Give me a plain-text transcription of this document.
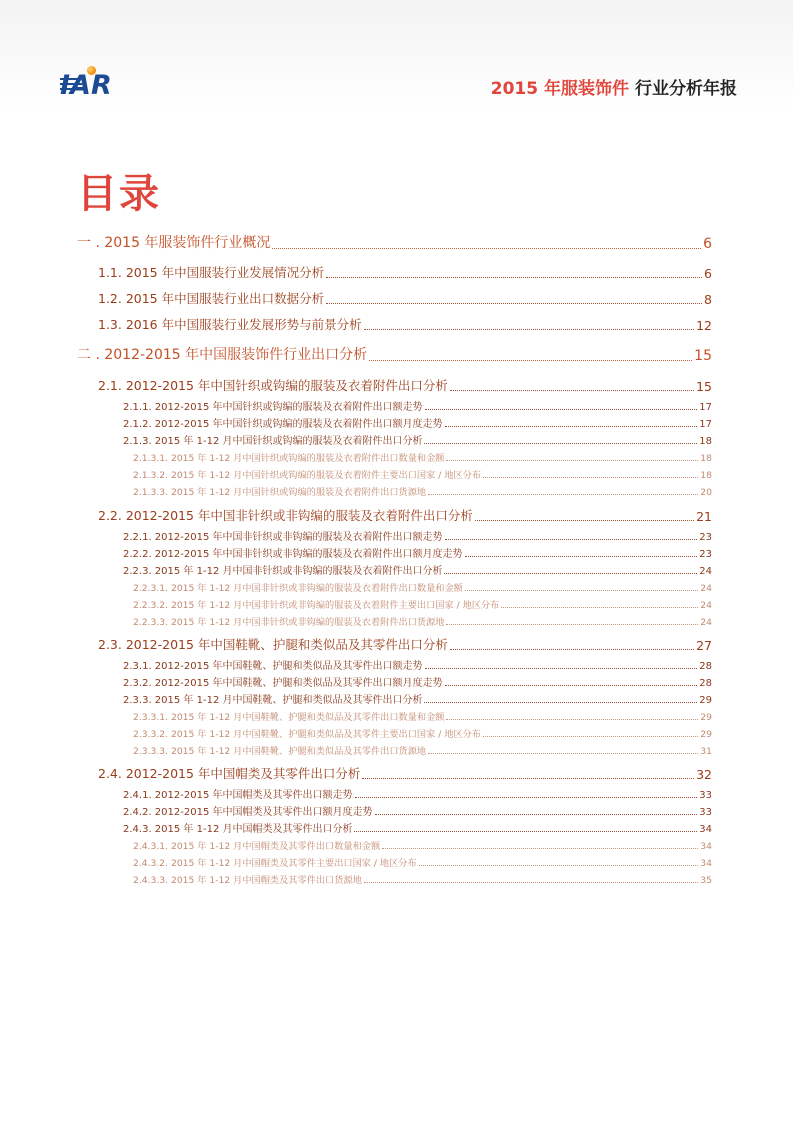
IAR	2015 年服装饰件 行业分析年报
目录
一 . 2015 年服装饰件行业概况	6
1.1. 2015 年中国服装行业发展情况分析	6
1.2. 2015 年中国服装行业出口数据分析	8
1.3. 2016 年中国服装行业发展形势与前景分析	12
二 . 2012-2015 年中国服装饰件行业出口分析	15
2.1. 2012-2015 年中国针织或钩编的服装及衣着附件出口分析	15
2.1.1. 2012-2015 年中国针织或钩编的服装及衣着附件出口额走势	17
2.1.2. 2012-2015 年中国针织或钩编的服装及衣着附件出口额月度走势	17
2.1.3. 2015 年 1-12 月中国针织或钩编的服装及衣着附件出口分析	18
2.1.3.1. 2015 年 1-12 月中国针织或钩编的服装及衣着附件出口数量和金额	18
2.1.3.2. 2015 年 1-12 月中国针织或钩编的服装及衣着附件主要出口国家 / 地区分布	18
2.1.3.3. 2015 年 1-12 月中国针织或钩编的服装及衣着附件出口货源地	20
2.2. 2012-2015 年中国非针织或非钩编的服装及衣着附件出口分析	21
2.2.1. 2012-2015 年中国非针织或非钩编的服装及衣着附件出口额走势	23
2.2.2. 2012-2015 年中国非针织或非钩编的服装及衣着附件出口额月度走势	23
2.2.3. 2015 年 1-12 月中国非针织或非钩编的服装及衣着附件出口分析	24
2.2.3.1. 2015 年 1-12 月中国非针织或非钩编的服装及衣着附件出口数量和金额	24
2.2.3.2. 2015 年 1-12 月中国非针织或非钩编的服装及衣着附件主要出口国家 / 地区分布	24
2.2.3.3. 2015 年 1-12 月中国非针织或非钩编的服装及衣着附件出口货源地	24
2.3. 2012-2015 年中国鞋靴、护腿和类似品及其零件出口分析	27
2.3.1. 2012-2015 年中国鞋靴、护腿和类似品及其零件出口额走势	28
2.3.2. 2012-2015 年中国鞋靴、护腿和类似品及其零件出口额月度走势	28
2.3.3. 2015 年 1-12 月中国鞋靴、护腿和类似品及其零件出口分析	29
2.3.3.1. 2015 年 1-12 月中国鞋靴、护腿和类似品及其零件出口数量和金额	29
2.3.3.2. 2015 年 1-12 月中国鞋靴、护腿和类似品及其零件主要出口国家 / 地区分布	29
2.3.3.3. 2015 年 1-12 月中国鞋靴、护腿和类似品及其零件出口货源地	31
2.4. 2012-2015 年中国帽类及其零件出口分析	32
2.4.1. 2012-2015 年中国帽类及其零件出口额走势	33
2.4.2. 2012-2015 年中国帽类及其零件出口额月度走势	33
2.4.3. 2015 年 1-12 月中国帽类及其零件出口分析	34
2.4.3.1. 2015 年 1-12 月中国帽类及其零件出口数量和金额	34
2.4.3.2. 2015 年 1-12 月中国帽类及其零件主要出口国家 / 地区分布	34
2.4.3.3. 2015 年 1-12 月中国帽类及其零件出口货源地	35
